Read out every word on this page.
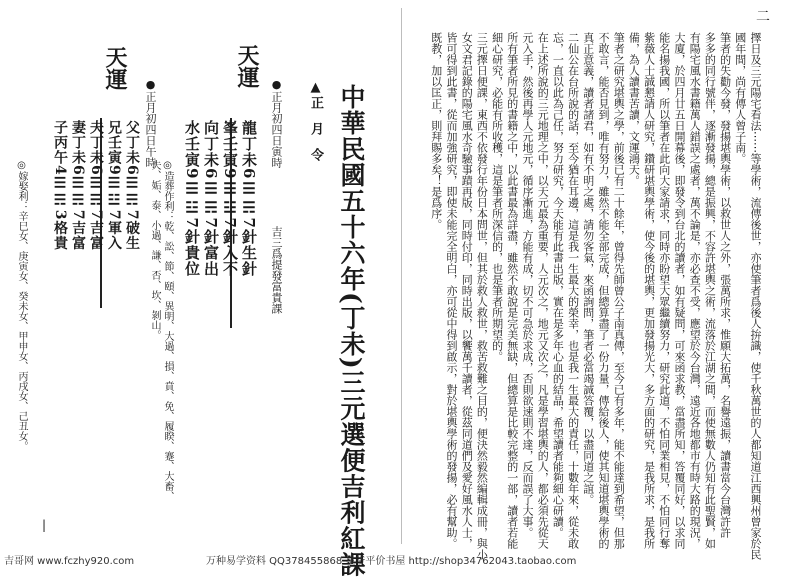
二
擇日及三元陽宅看法⋯⋯等學術，流傳後世，亦使筆者爲後人拚識，使千秋萬世的人都知道江西興州曾家於民
國年間，尚有傳人曾子南。
筆者的失勸今發，發揚堪輿學術，以救世人之外，張萬所求，惟願大拓萬，名譽遠振，讀書當今台灣許許
多多的同行號伴，逐漸發揚，總是振興，不容許堪輿之術，流落於江湖之間，而使無數人仍知有此聖賢，如
有陽宅風水書籍萬人錯誤之處者，萬不論是，亦必查不受，應望於今台灣，遠近各地都市有時大路的現況，
大廈，於四月廿五日開幕後，即發令到台北的讀者，如有疑問，可來函求教，當盡所知，答覆同好，以求同
能名揚我國，所以筆者在此向大家請求，同時亦盼望大眾繼續努力，研究此道，不怕同業相見，不怕同行奪
紫薇人士誠懇請人研究，鑽研堪輿學術，使今後的堪輿，更加發揚光大，多方面的研究，是我所求，是我所
備，為人讀書苦讀，文運鴻天。
筆者之研究堪輿之學，前後已有二十餘年，曾得先師曾公子南真傳，至今已有多年，能不能達到希望，但那
不敢言，能否見到，唯有努力，雖然不能全部完成，但總算盡了一份力量，傳給後人，使其知道堪輿學術的
真正意義，讀者諸君，如有不明之處，請勿客氣，來函詢問，筆者必當竭誠答覆，以盡同道之誼。
二仙公在台所說的話，至今猶在耳邊，這是我一生最大的榮幸，也是我一生最大的責任，十數年來，從未敢
忘，一直以此為己任，努力研究，今天能有此書出版，實在是多年心血的結晶，希望讀者能夠細心研讀。
在上述所說的三元地理之中，以天元最為重要，人元次之，地元又次之，凡是學習堪輿的人，都必須先從天
元入手，然後再學人元地元，循序漸進，方能有成，切不可急於求成，否則欲速則不達，反而誤了大事。
所有筆者所見的書籍之中，以此書最為詳盡，雖然不敢說是完美無缺，但總算是比較完整的一部，讀者若能
細心研究，必能有所收穫，這是筆者所深信的，也是筆者所期望的。
三元擇日便課，東西不依發行年份日本問世，但其於救人救世，救苦救難之目的，便決然毅然編輯成冊，與小
女文君記錄的陽宅風水奇驗事蹟再版，同時付印，同時出版，以饗萬千讀者，從茲同道們及愛好風水人士，
皆可得到此書，從而加強研究，即使未能完全明白，亦可從中得到啟示，對於堪輿學術的發揚，必有幫助。
既教，加以匡正，則拜賜多矣！是爲序。
|	中華民國五十六年(丁未)三元選便吉利紅課
▲
正　月　令
●正月初四日寅時
吉三爲提發富貴課
天運
龍丁未6☰☴7針生針
峯壬寅9☰☳7針入不
向丁未6☰☴7針富出
水壬寅9☰☳7針貴位
◎造葬作利：乾、訟、節、頤、異明、大過、損、賁、免、履睽、蹇、大畜、
夫、姤、泰、小過、謙、否、坎、剝山。
●正月初四日午時
天運
父丁未6☰☴7破生
兄壬寅9☰☳7軍入
夫丁未6☰☴7吉富
妻丁未6☰☴7吉富
子丙午4☰☴3格貴
◎嫁娶利：辛巳女、庚寅女、癸未女、甲申女、丙戌女、己丑女。
吉哥网 www.fczhy920.com	万种易学资料 QQ378455868 星爷平价书屋 http://shop34762043.taobao.com
